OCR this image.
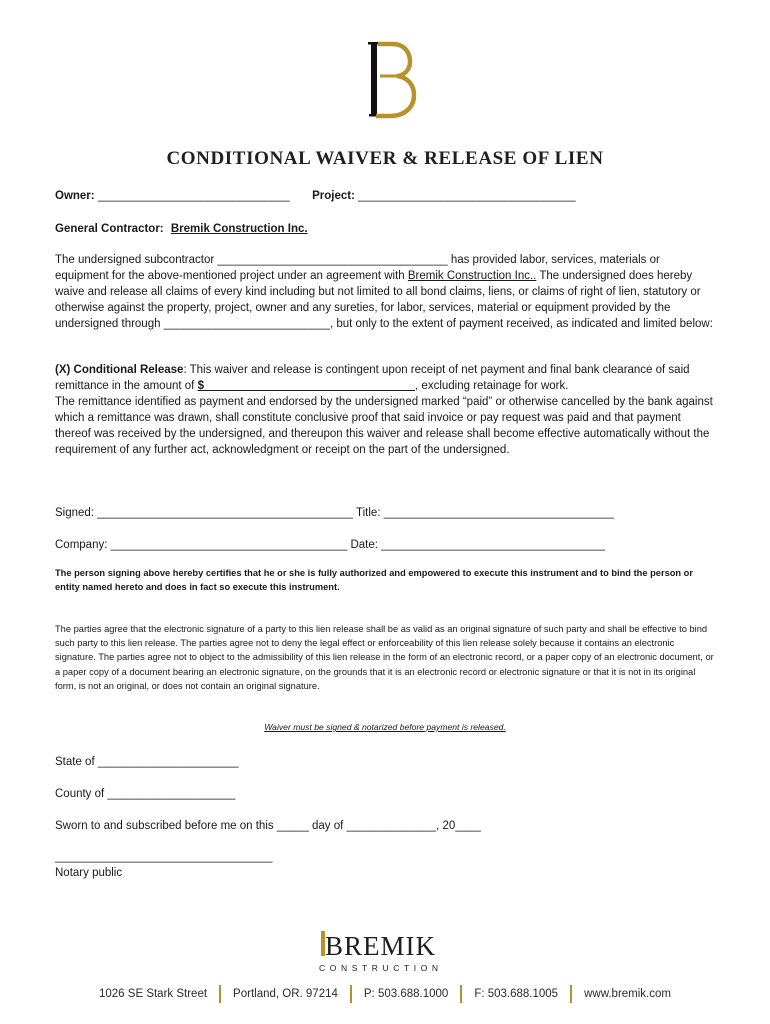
CONDITIONAL WAIVER & RELEASE OF LIEN
Owner: ______________________________ Project: __________________________________
General Contractor: Bremik Construction Inc.

The undersigned subcontractor ____________________________________ has provided labor, services, materials or equipment for the above-mentioned project under an agreement with Bremik Construction Inc.. The undersigned does hereby waive and release all claims of every kind including but not limited to all bond claims, liens, or claims of right of lien, statutory or otherwise against the property, project, owner and any sureties, for labor, services, material or equipment provided by the undersigned through __________________________, but only to the extent of payment received, as indicated and limited below:

(X) Conditional Release: This waiver and release is contingent upon receipt of net payment and final bank clearance of said remittance in the amount of $_________________________________, excluding retainage for work.

The remittance identified as payment and endorsed by the undersigned marked “paid” or otherwise cancelled by the bank against which a remittance was drawn, shall constitute conclusive proof that said invoice or pay request was paid and that payment thereof was received by the undersigned, and thereupon this waiver and release shall become effective automatically without the requirement of any further act, acknowledgment or receipt on the part of the undersigned.

Signed: ________________________________________ Title: ____________________________________
Company: _____________________________________ Date: ___________________________________
The person signing above hereby certifies that he or she is fully authorized and empowered to execute this instrument and to bind the person or entity named hereto and does in fact so execute this instrument.
The parties agree that the electronic signature of a party to this lien release shall be as valid as an original signature of such party and shall be effective to bind such party to this lien release. The parties agree not to deny the legal effect or enforceability of this lien release solely because it contains an electronic signature. The parties agree not to object to the admissibility of this lien release in the form of an electronic record, or a paper copy of an electronic document, or a paper copy of a document bearing an electronic signature, on the grounds that it is an electronic record or electronic signature or that it is not in its original form, is not an original, or does not contain an original signature.
Waiver must be signed & notarized before payment is released.
State of ______________________
County of ____________________
Sworn to and subscribed before me on this _____ day of ______________, 20____
__________________________________
Notary public
BREMIK
CONSTRUCTION
1026 SE Stark Street Portland, OR. 97214 P: 503.688.1000 F: 503.688.1005 www.bremik.com
